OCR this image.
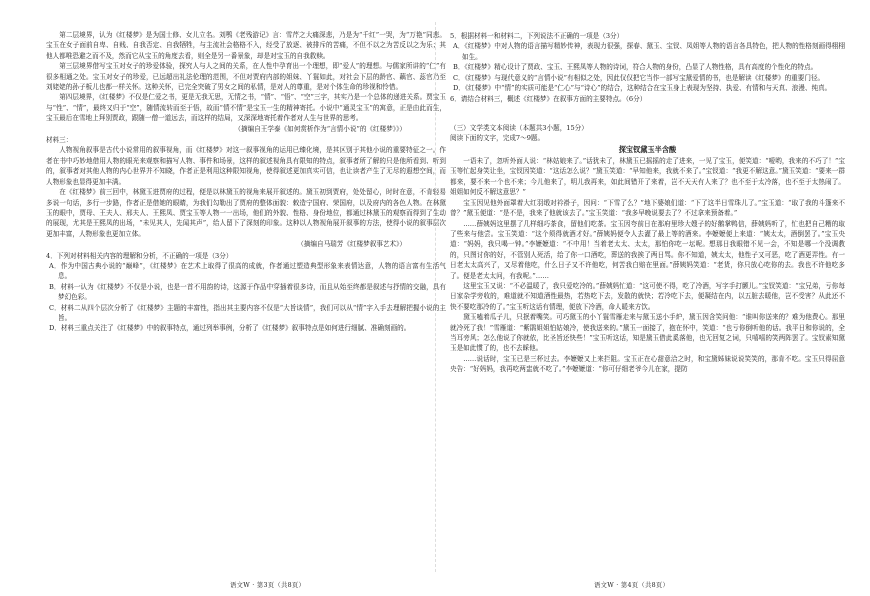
第二层境界，认为《红楼梦》是为国士修、女儿立名。刘鹗《老残游记》言：雪芹之大痛深悲，乃是为“千红”一哭，为“万艳”同悲。宝玉在女子面前自卑、自贱、自我否定、自我牺牲，与主流社会格格不入，经受了放逐、被排斥的苦痛，不但不以之为苦反以之为乐；其他人都唯恐避之而不及，然而它从宝玉的角度去看，则全是另一番景象，却是对宝玉的自我救赎。

第三层境界借写宝玉对女子的珍爱体验，探究人与人之间的关系，在人性中孕育出一个理想，即“爱人”的理想。与儒家所讲的“仁”有很多相通之处。宝玉对女子的珍爱，已远超出礼法伦理的范围，不但对贾府内部的姐妹、丫鬟如此，对社会下层的龄官、藕官、蕊官乃至刘姥姥的孙子板儿也都一样关怀。这种关怀，已完全突破了男女之间的私情，是对人的尊重，是对个体生命的珍视和怜惜。

第四层境界，《红楼梦》不仅是仁爱之书，更是无我无思，无情之书，“情”、“悟”、“空”三字，其实乃是一个总体的递进关系。贾宝玉与“性”、“情”，最终又归于“空”，随情流转而至于悟，故而“情不情”是宝玉一生的精神寄托。小说中“通灵宝玉”的寓意，正是由此而生，宝玉最后在雪地上拜别贾政，跟随一僧一道远去，而这样的结局，又深深地寄托着作者对人生与世界的思考。

（摘编自王学泰《如何赏析作为“言情小说”的《红楼梦》》）

材料三：

人物视角叙事是古代小说常用的叙事视角，而《红楼梦》对这一叙事视角的运用已臻化境，是其区别于其他小说的重要特征之一。作者在书中巧妙地借用人物的眼光来观察和描写人物、事件和场景，这样的叙述视角具有限知的特点，叙事者所了解的只是他所看到、听到的，叙事者对其他人物的内心世界并不知晓，作者正是利用这种限知视角，使得叙述更加真实可信，也让读者产生了无尽的遐想空间，而人物形象也显得更加丰满。

在《红楼梦》前三回中，林黛玉进贾府的过程，便是以林黛玉的视角来展开叙述的。黛玉初到贾府，处处留心，时时在意，不肯轻易多说一句话，多行一步路，作者正是借她的眼睛，为我们勾勒出了贾府的整体面貌：敕造宁国府、荣国府，以及府内的各色人物。在林黛玉的眼中，贾母、王夫人、邢夫人、王熙凤、贾宝玉等人物一一出场，他们的外貌、性格、身份地位，都通过林黛玉的观察而得到了生动的展现，尤其是王熙凤的出场，“未见其人，先闻其声”，给人留下了深刻的印象。这种以人物视角展开叙事的方法，使得小说的叙事层次更加丰富，人物形象也更加立体。

（摘编自马瑞芳《红楼梦叙事艺术》）

4．下列对材料相关内容的理解和分析，不正确的一项是（3分）

A．作为中国古典小说的“巅峰”，《红楼梦》在艺术上取得了很高的成就，作者通过塑造典型形象来表情达意，人物的语言富有生活气息。

B．材料一认为《红楼梦》不仅是小说，也是一首不用韵的诗，这源于作品中穿插着很多诗，而且从始至终都是叙述与抒情的交融，具有梦幻色彩。

C．材料二从四个层次分析了《红楼梦》主题的丰富性，指出其主要内容不仅是“大旨谈情”，我们可以从“情”字入手去理解把握小说的主旨。

D．材料三重点关注了《红楼梦》中的叙事特点，通过列举事例，分析了《红楼梦》叙事特点是如何进行细腻、准确刻画的。

语文W · 第3页（共8页）

5．根据材料一和材料二，下列说法不正确的一项是（3分）

A．《红楼梦》中对人物的语言描写精妙传神，表现力很强，探春、黛玉、宝钗、凤姐等人物的语言各具特色，把人物的性格刻画得栩栩如生。

B．《红楼梦》精心设计了贾政、宝玉、王熙凤等人物的诗词，符合人物的身份，凸显了人物性格，具有高度的个性化的特点。

C．《红楼梦》与现代意义的“言情小说”有相似之处，因此仅仅把它当作一部写宝黛爱情的书，也是解读《红楼梦》的重要门径。

D．《红楼梦》中“情”的实质可能是“仁心”与“诗心”的结合，这种结合在宝玉身上表现为坚持、执爱、有情和与天真、浪漫、纯真。

6．请结合材料三，概述《红楼梦》在叙事方面的主要特点。（6分）

（三）文学类文本阅读（本题共3小题，15分）

阅读下面的文字，完成7～9题。

探宝钗黛玉半含酸

一语未了，忽听外面人说：“林姑娘来了。”话犹未了，林黛玉已摇摇的走了进来，一见了宝玉，便笑道：“嗳哟，我来的不巧了！”宝玉等忙起身笑让坐，宝钗因笑道：“这话怎么说？”黛玉笑道：“早知他来，我就不来了。”宝钗道：“我更不解这意。”黛玉笑道：“要来一群都来，要不来一个也不来；今儿他来了，明儿我再来，如此间错开了来着，岂不天天有人来了？也不至于太冷落，也不至于太热闹了。姐姐如何反不解这意思？”

宝玉因见他外面罩着大红羽缎对衿褂子，因问：“下雪了么？”地下婆娘们道：“下了这半日雪珠儿了。”宝玉道：“取了我的斗篷来不曾？”黛玉便道：“是不是，我来了他就该去了。”宝玉笑道：“我多早晚说要去了？不过拿来预备着。”

……薛姨妈这里摆了几样细巧茶食，留他们吃茶。宝玉因夸前日在那府里珍大嫂子的好鹅掌鸭信，薛姨妈听了，忙也把自己糟的取了些来与他尝。宝玉笑道：“这个须得就酒才好。”薛姨妈便令人去灌了最上等的酒来。李嬷嬷便上来道：“姨太太，酒倒罢了。”宝玉央道：“妈妈，我只喝一钟。”李嬷嬷道：“不中用！当着老太太、太太，那怕你吃一坛呢。想那日我眼错不见一会，不知是哪一个没调教的，只图讨你的好，不管别人死活，给了你一口酒吃，葬送的我挨了两日骂。你不知道，姨太太，他性子又可恶，吃了酒更弄性。有一日老太太高兴了，又尽着他吃，什么日子又不许他吃，何苦我白赔在里面。”薛姨妈笑道：“老货，你只放心吃你的去。我也不许他吃多了。便是老太太问，有我呢。”……

这里宝玉又说：“不必温暖了，我只爱吃冷的。”薛姨妈忙道：“这可使不得，吃了冷酒，写字手打颤儿。”宝钗笑道：“宝兄弟，亏你每日家杂学旁收的，难道就不知道酒性最热，若热吃下去，发散的就快；若冷吃下去，便凝结在内，以五脏去暖他，岂不受害？从此还不快不要吃那冷的了。”宝玉听这话有情理，便放下冷酒，命人暖来方饮。

黛玉嗑着瓜子儿，只抿着嘴笑。可巧黛玉的小丫鬟雪雁走来与黛玉送小手炉，黛玉因含笑问他：“谁叫你送来的？难为他费心。那里就冷死了我！”雪雁道：“紫鹃姐姐怕姑娘冷，使我送来的。”黛玉一面接了，抱在怀中，笑道：“也亏你倒听他的话。我平日和你说的，全当耳旁风；怎么他说了你就依，比圣旨还快些！”宝玉听这话，知是黛玉借此奚落他，也无回复之词，只嘻嘻的笑两阵罢了。宝钗素知黛玉是如此惯了的，也不去睬他。

……说话时，宝玉已是三杯过去。李嬷嬷又上来拦阻。宝玉正在心甜意洽之时，和宝黛姊妹说说笑笑的，那肯不吃。宝玉只得屈意央告：“好妈妈，我再吃两盅就不吃了。”李嬷嬷道：“你可仔细老爷今儿在家，提防

语文W · 第4页（共8页）
